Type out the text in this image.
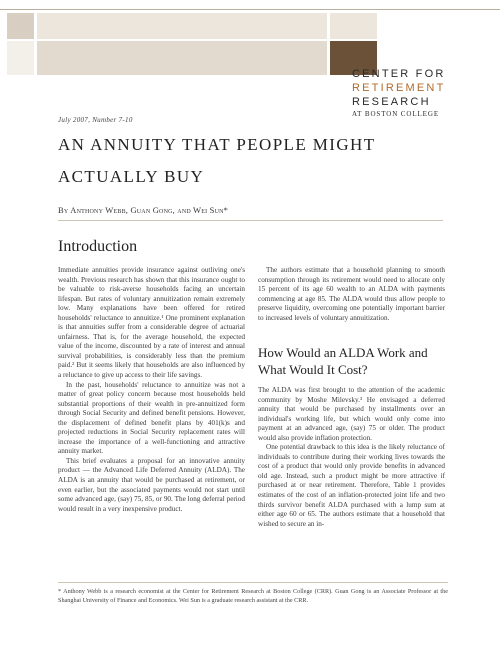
CENTER FOR
RETIREMENT
RESEARCH
AT BOSTON COLLEGE
July 2007, Number 7-10
AN ANNUITY THAT PEOPLE MIGHT
ACTUALLY BUY
By Anthony Webb, Guan Gong, and Wei Sun*
Introduction

Immediate annuities provide insurance against outliving one's wealth. Previous research has shown that this insurance ought to be valuable to risk-averse households facing an uncertain lifespan. But rates of voluntary annuitization remain extremely low. Many explanations have been offered for retired households' reluctance to annuitize.¹ One prominent explanation is that annuities suffer from a considerable degree of actuarial unfairness. That is, for the average household, the expected value of the income, discounted by a rate of interest and annual survival probabilities, is considerably less than the premium paid.² But it seems likely that households are also influenced by a reluctance to give up access to their life savings.

In the past, households' reluctance to annuitize was not a matter of great policy concern because most households held substantial proportions of their wealth in pre-annuitized form through Social Security and defined benefit pensions. However, the displacement of defined benefit plans by 401(k)s and projected reductions in Social Security replacement rates will increase the importance of a well-functioning and attractive annuity market.

This brief evaluates a proposal for an innovative annuity product — the Advanced Life Deferred Annuity (ALDA). The ALDA is an annuity that would be purchased at retirement, or even earlier, but the associated payments would not start until some advanced age, (say) 75, 85, or 90. The long deferral period would result in a very inexpensive product.

The authors estimate that a household planning to smooth consumption through its retirement would need to allocate only 15 percent of its age 60 wealth to an ALDA with payments commencing at age 85. The ALDA would thus allow people to preserve liquidity, overcoming one potentially important barrier to increased levels of voluntary annuitization.

How Would an ALDA Work and What Would It Cost?

The ALDA was first brought to the attention of the academic community by Moshe Milevsky.³ He envisaged a deferred annuity that would be purchased by installments over an individual's working life, but which would only come into payment at an advanced age, (say) 75 or older. The product would also provide inflation protection.

One potential drawback to this idea is the likely reluctance of individuals to contribute during their working lives towards the cost of a product that would only provide benefits in advanced old age. Instead, such a product might be more attractive if purchased at or near retirement. Therefore, Table 1 provides estimates of the cost of an inflation-protected joint life and two thirds survivor benefit ALDA purchased with a lump sum at either age 60 or 65. The authors estimate that a household that wished to secure an in-

* Anthony Webb is a research economist at the Center for Retirement Research at Boston College (CRR). Guan Gong is an Associate Professor at the Shanghai University of Finance and Economics. Wei Sun is a graduate research assistant at the CRR.
